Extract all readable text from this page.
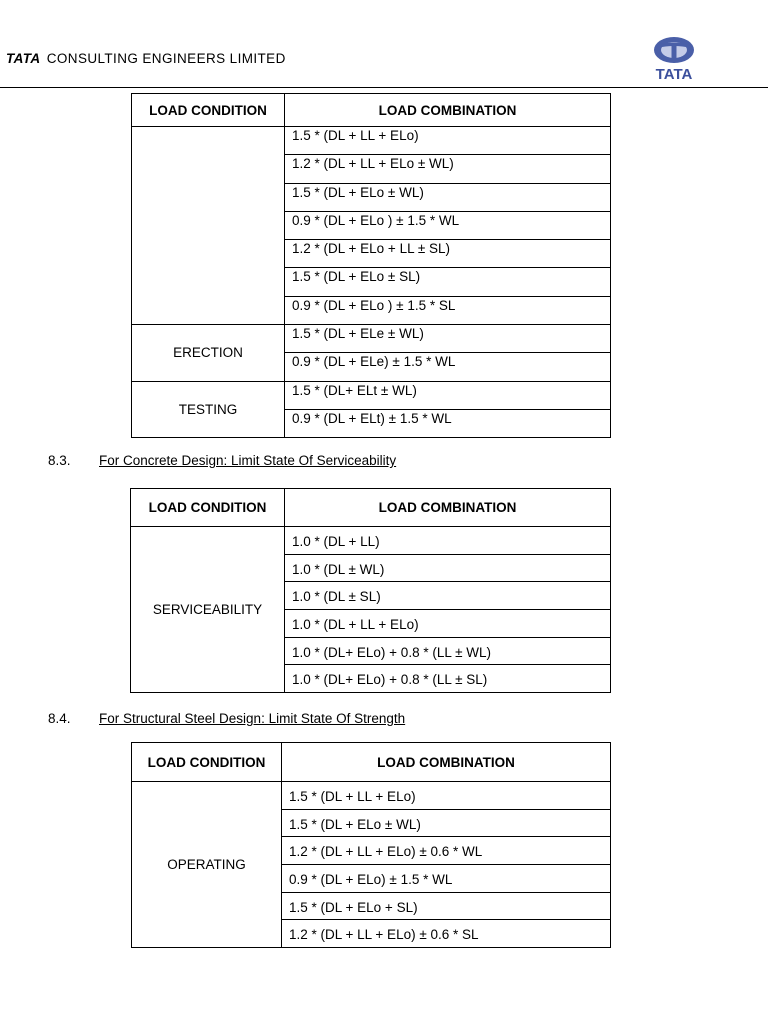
TATA CONSULTING ENGINEERS LIMITED
TATA
LOAD CONDITION	LOAD COMBINATION
	1.5 * (DL + LL + ELo)
	1.2 * (DL + LL + ELo ± WL)
	1.5 * (DL + ELo ± WL)
	0.9 * (DL + ELo ) ± 1.5 * WL
	1.2 * (DL + ELo + LL ± SL)
	1.5 * (DL + ELo ± SL)
	0.9 * (DL + ELo ) ± 1.5 * SL
ERECTION	1.5 * (DL + ELe ± WL)
	0.9 * (DL + ELe) ± 1.5 * WL
TESTING	1.5 * (DL+ ELt ± WL)
	0.9 * (DL + ELt) ± 1.5 * WL
8.3. For Concrete Design: Limit State Of Serviceability
LOAD CONDITION	LOAD COMBINATION
SERVICEABILITY	1.0 * (DL + LL)
	1.0 * (DL ± WL)
	1.0 * (DL ± SL)
	1.0 * (DL + LL + ELo)
	1.0 * (DL+ ELo) + 0.8 * (LL ± WL)
	1.0 * (DL+ ELo) + 0.8 * (LL ± SL)
8.4. For Structural Steel Design: Limit State Of Strength
LOAD CONDITION	LOAD COMBINATION
OPERATING	1.5 * (DL + LL + ELo)
	1.5 * (DL + ELo ± WL)
	1.2 * (DL + LL + ELo) ± 0.6 * WL
	0.9 * (DL + ELo) ± 1.5 * WL
	1.5 * (DL + ELo + SL)
	1.2 * (DL + LL + ELo) ± 0.6 * SL
